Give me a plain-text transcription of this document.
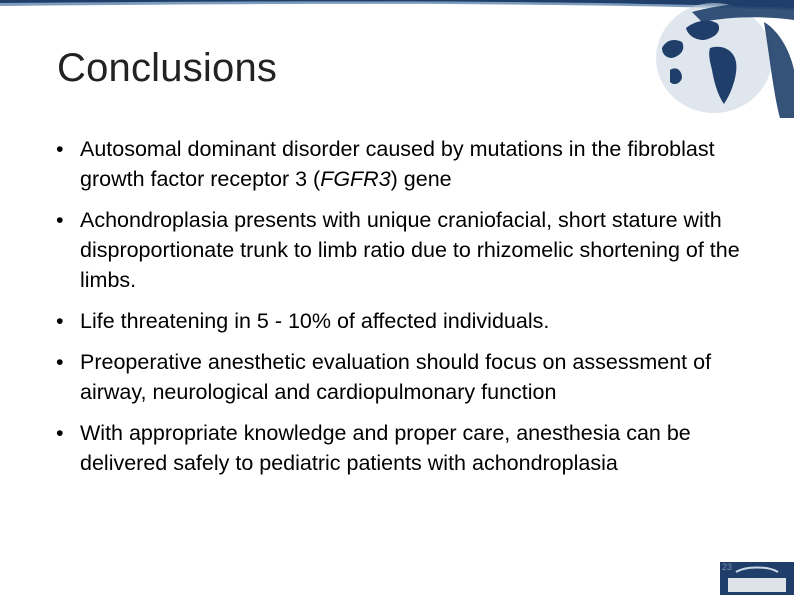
Conclusions
• Autosomal dominant disorder caused by mutations in the fibroblast growth factor receptor 3 (FGFR3) gene
• Achondroplasia presents with unique craniofacial, short stature with disproportionate trunk to limb ratio due to rhizomelic shortening of the limbs.
• Life threatening in 5 - 10% of affected individuals.
• Preoperative anesthetic evaluation should focus on assessment of airway, neurological and cardiopulmonary function
• With appropriate knowledge and proper care, anesthesia can be delivered safely to pediatric patients with achondroplasia
23
